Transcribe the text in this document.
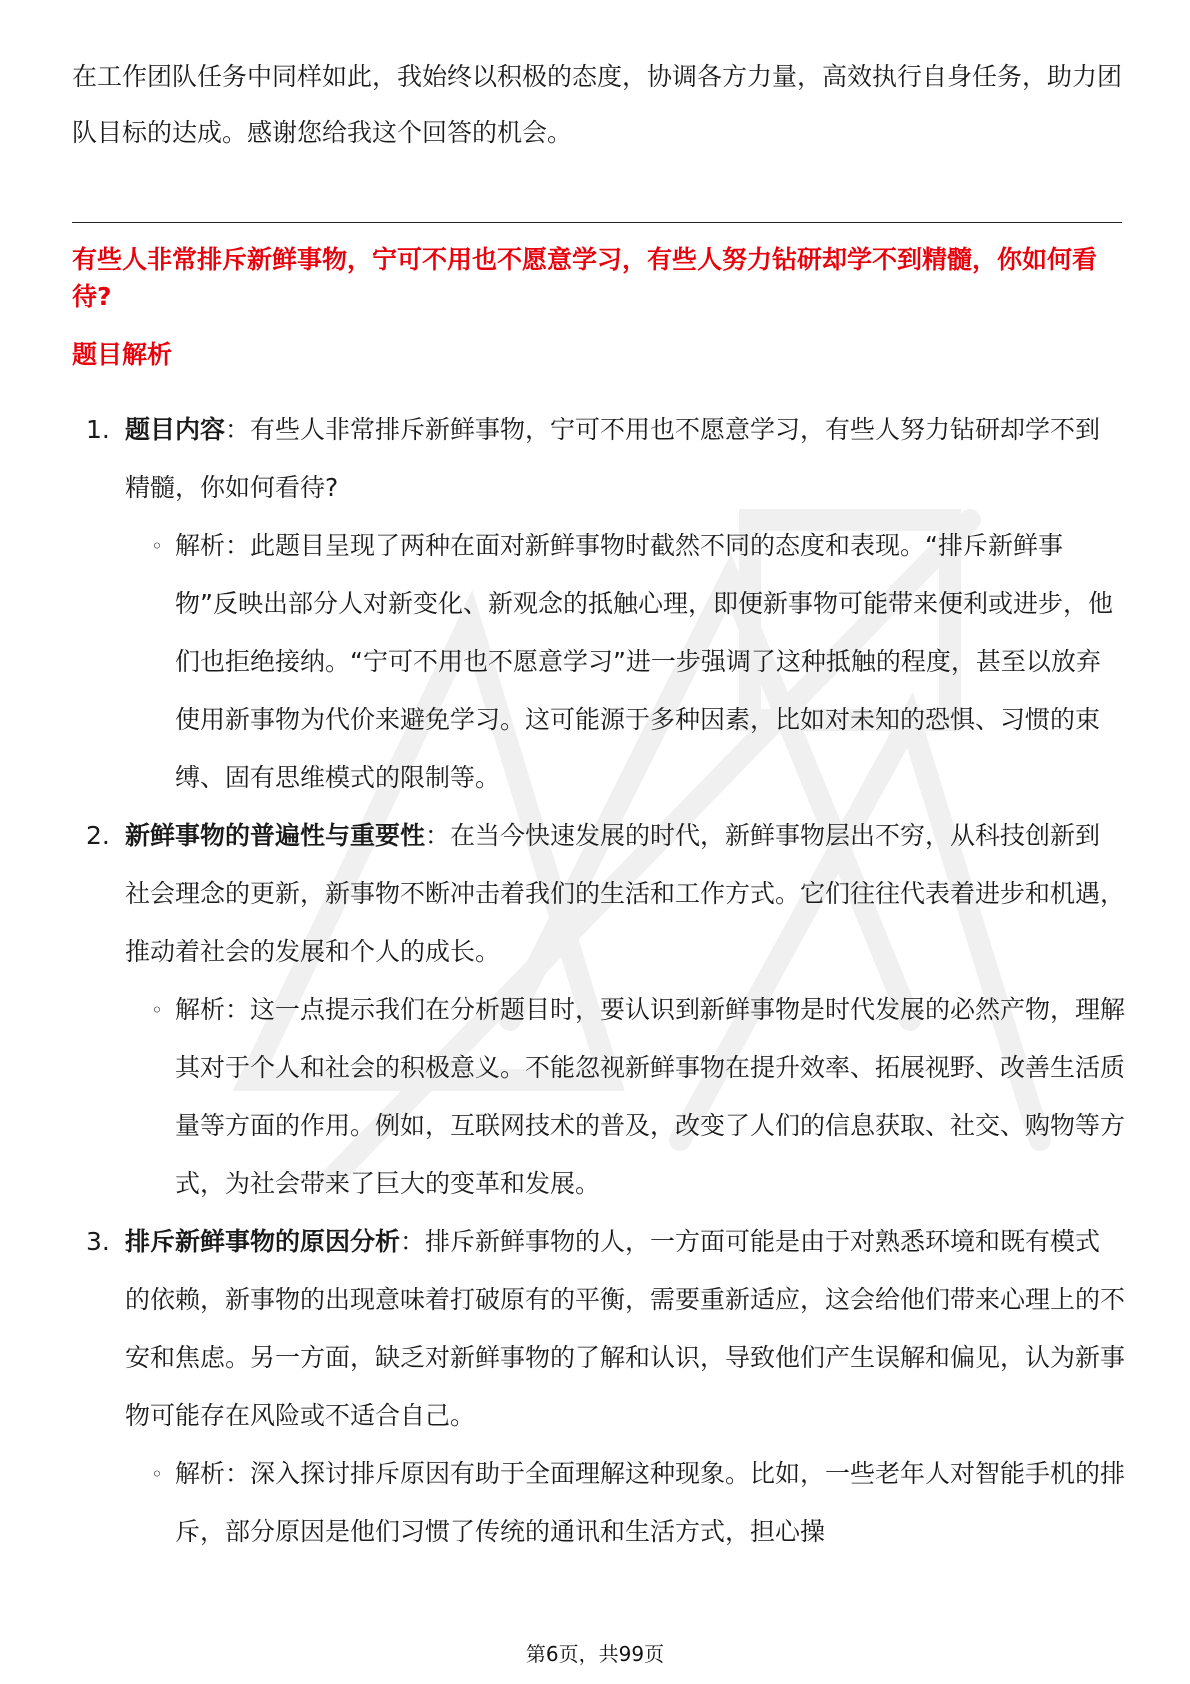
在工作团队任务中同样如此，我始终以积极的态度，协调各方力量，高效执行自身任务，助力团队目标的达成。感谢您给我这个回答的机会。
有些人非常排斥新鲜事物，宁可不用也不愿意学习，有些人努力钻研却学不到精髓，你如何看待?
题目解析
1. 题目内容：有些人非常排斥新鲜事物，宁可不用也不愿意学习，有些人努力钻研却学不到精髓，你如何看待?
◦ 解析：此题目呈现了两种在面对新鲜事物时截然不同的态度和表现。“排斥新鲜事物”反映出部分人对新变化、新观念的抵触心理，即便新事物可能带来便利或进步，他们也拒绝接纳。“宁可不用也不愿意学习”进一步强调了这种抵触的程度，甚至以放弃使用新事物为代价来避免学习。这可能源于多种因素，比如对未知的恐惧、习惯的束缚、固有思维模式的限制等。
2. 新鲜事物的普遍性与重要性：在当今快速发展的时代，新鲜事物层出不穷，从科技创新到社会理念的更新，新事物不断冲击着我们的生活和工作方式。它们往往代表着进步和机遇，推动着社会的发展和个人的成长。
◦ 解析：这一点提示我们在分析题目时，要认识到新鲜事物是时代发展的必然产物，理解其对于个人和社会的积极意义。不能忽视新鲜事物在提升效率、拓展视野、改善生活质量等方面的作用。例如，互联网技术的普及，改变了人们的信息获取、社交、购物等方式，为社会带来了巨大的变革和发展。
3. 排斥新鲜事物的原因分析：排斥新鲜事物的人，一方面可能是由于对熟悉环境和既有模式的依赖，新事物的出现意味着打破原有的平衡，需要重新适应，这会给他们带来心理上的不安和焦虑。另一方面，缺乏对新鲜事物的了解和认识，导致他们产生误解和偏见，认为新事物可能存在风险或不适合自己。
◦ 解析：深入探讨排斥原因有助于全面理解这种现象。比如，一些老年人对智能手机的排斥，部分原因是他们习惯了传统的通讯和生活方式，担心操
第6页，共99页
